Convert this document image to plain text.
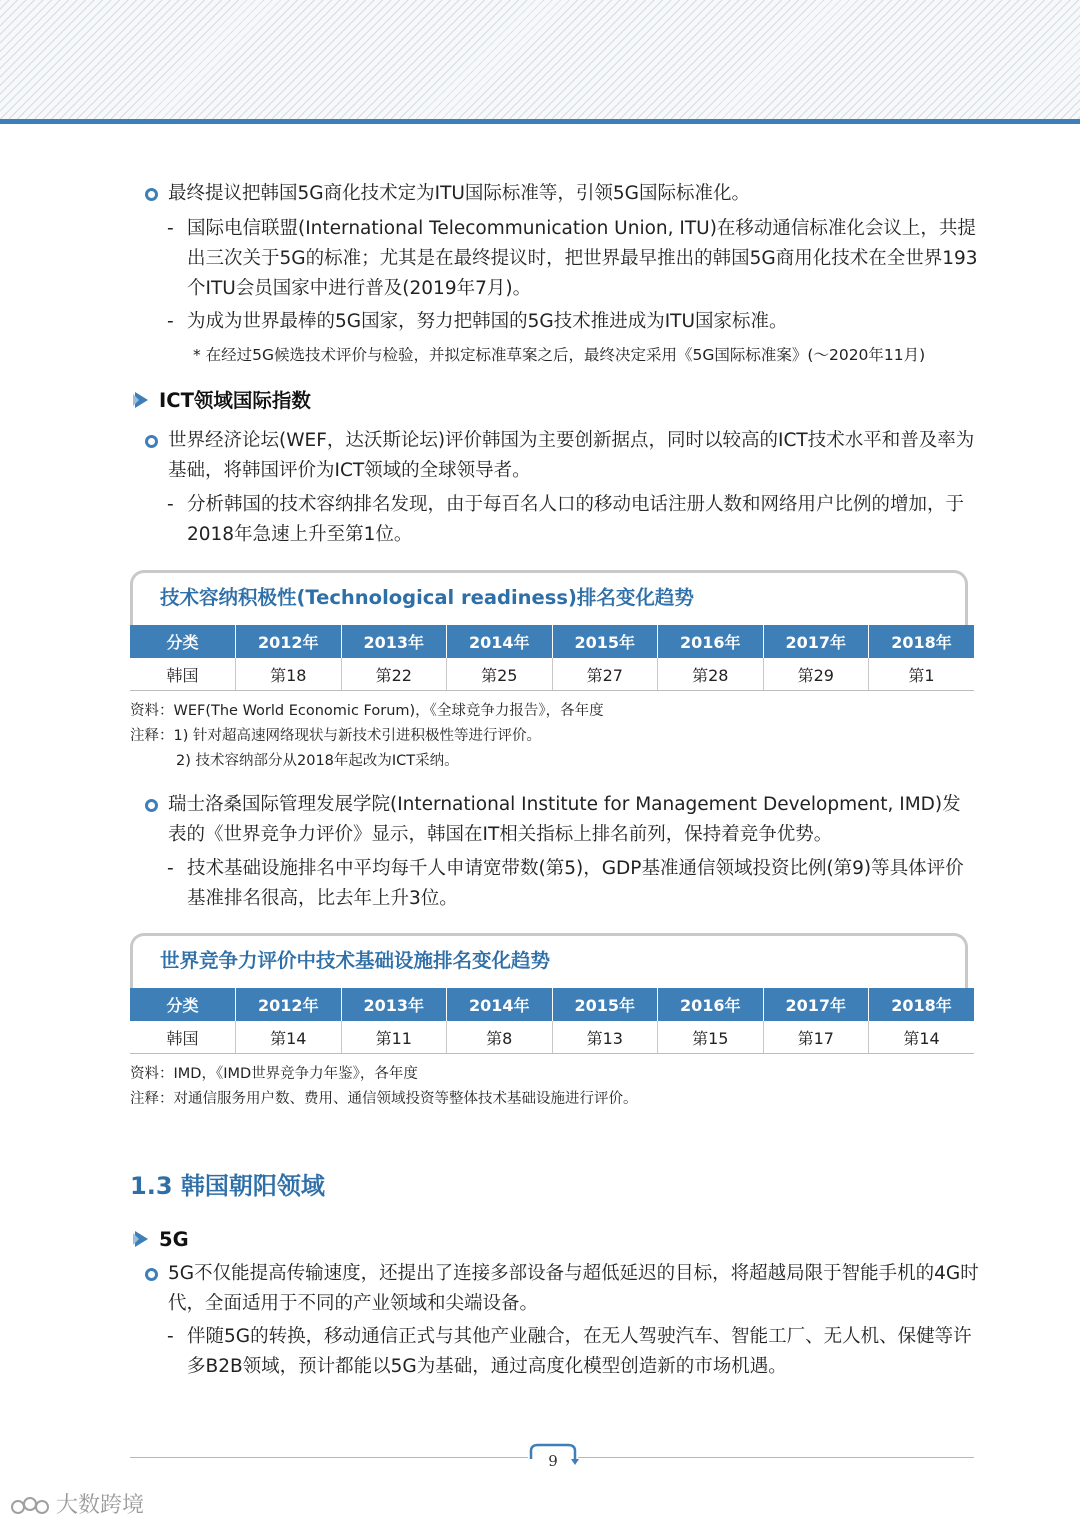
最终提议把韩国5G商化技术定为ITU国际标准等，引领5G国际标准化。
- 国际电信联盟(International Telecommunication Union, ITU)在移动通信标准化会议上，共提出三次关于5G的标准；尤其是在最终提议时，把世界最早推出的韩国5G商用化技术在全世界193个ITU会员国家中进行普及(2019年7月)。
- 为成为世界最棒的5G国家，努力把韩国的5G技术推进成为ITU国家标准。
* 在经过5G候选技术评价与检验，并拟定标准草案之后，最终决定采用《5G国际标准案》(～2020年11月)
ICT领域国际指数
世界经济论坛(WEF，达沃斯论坛)评价韩国为主要创新据点，同时以较高的ICT技术水平和普及率为基础，将韩国评价为ICT领域的全球领导者。
- 分析韩国的技术容纳排名发现，由于每百名人口的移动电话注册人数和网络用户比例的增加，于2018年急速上升至第1位。
技术容纳积极性(Technological readiness)排名变化趋势
分类	2012年	2013年	2014年	2015年	2016年	2017年	2018年
韩国	第18	第22	第25	第27	第28	第29	第1
资料：WEF(The World Economic Forum)，《全球竞争力报告》，各年度
注释：1) 针对超高速网络现状与新技术引进积极性等进行评价。
2) 技术容纳部分从2018年起改为ICT采纳。
瑞士洛桑国际管理发展学院(International Institute for Management Development, IMD)发表的《世界竞争力评价》显示，韩国在IT相关指标上排名前列，保持着竞争优势。
- 技术基础设施排名中平均每千人申请宽带数(第5)，GDP基准通信领域投资比例(第9)等具体评价基准排名很高，比去年上升3位。
世界竞争力评价中技术基础设施排名变化趋势
分类	2012年	2013年	2014年	2015年	2016年	2017年	2018年
韩国	第14	第11	第8	第13	第15	第17	第14
资料：IMD，《IMD世界竞争力年鉴》，各年度
注释：对通信服务用户数、费用、通信领域投资等整体技术基础设施进行评价。
1.3 韩国朝阳领域
5G
5G不仅能提高传输速度，还提出了连接多部设备与超低延迟的目标，将超越局限于智能手机的4G时代，全面适用于不同的产业领域和尖端设备。
- 伴随5G的转换，移动通信正式与其他产业融合，在无人驾驶汽车、智能工厂、无人机、保健等许多B2B领域，预计都能以5G为基础，通过高度化模型创造新的市场机遇。
9
大数跨境
